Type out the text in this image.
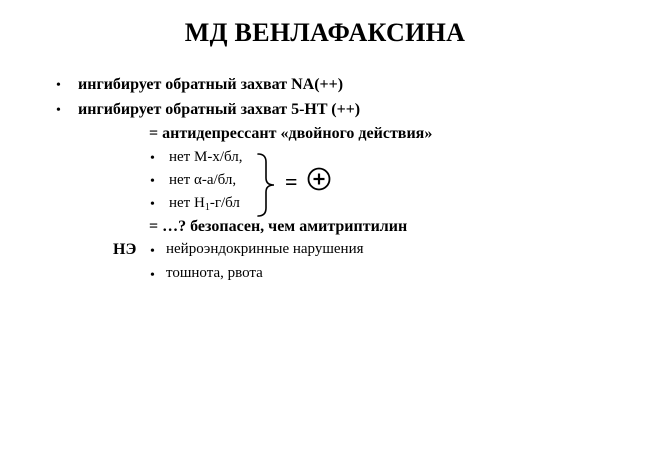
МД ВЕНЛАФАКСИНА
• ингибирует обратный захват NA(++)
• ингибирует обратный захват 5-HT (++)
= антидепрессант «двойного действия»
• нет М-х/бл,
• нет α-а/бл,
• нет $Н_1-г/бл$
=
= …? безопасен, чем амитриптилин
НЭ • нейроэндокринные нарушения
• тошнота, рвота
